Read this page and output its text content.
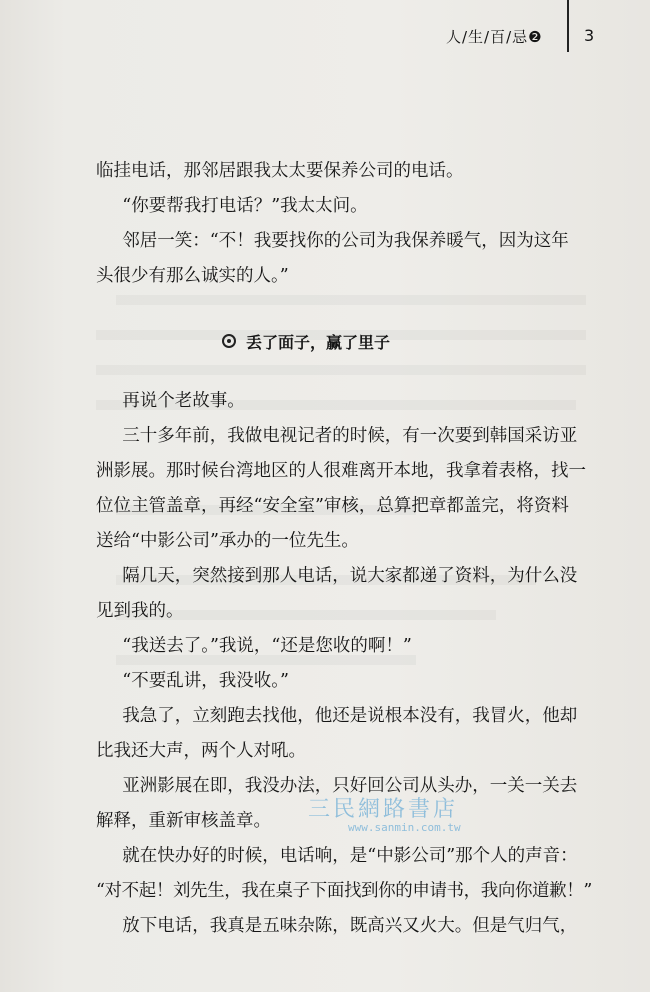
人/生/百/忌❷	3

临挂电话，那邻居跟我太太要保养公司的电话。

“你要帮我打电话？”我太太问。

邻居一笑：“不！我要找你的公司为我保养暖气，因为这年

头很少有那么诚实的人。”

丢了面子，赢了里子

再说个老故事。

三十多年前，我做电视记者的时候，有一次要到韩国采访亚

洲影展。那时候台湾地区的人很难离开本地，我拿着表格，找一

位位主管盖章，再经“安全室”审核，总算把章都盖完，将资料

送给“中影公司”承办的一位先生。

隔几天，突然接到那人电话，说大家都递了资料，为什么没

见到我的。

“我送去了。”我说，“还是您收的啊！”

“不要乱讲，我没收。”

我急了，立刻跑去找他，他还是说根本没有，我冒火，他却

比我还大声，两个人对吼。

亚洲影展在即，我没办法，只好回公司从头办，一关一关去

解释，重新审核盖章。

就在快办好的时候，电话响，是“中影公司”那个人的声音：

“对不起！刘先生，我在桌子下面找到你的申请书，我向你道歉！”

放下电话，我真是五味杂陈，既高兴又火大。但是气归气，

三民網路書店
www.sanmin.com.tw
